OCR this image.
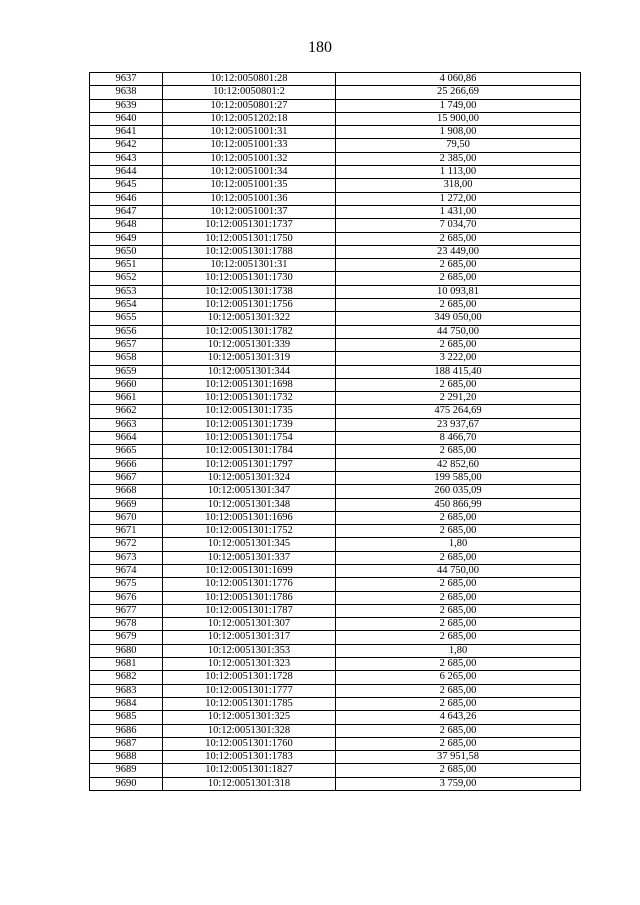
180
9637	10:12:0050801:28	4 060,86
9638	10:12:0050801:2	25 266,69
9639	10:12:0050801:27	1 749,00
9640	10:12:0051202:18	15 900,00
9641	10:12:0051001:31	1 908,00
9642	10:12:0051001:33	79,50
9643	10:12:0051001:32	2 385,00
9644	10:12:0051001:34	1 113,00
9645	10:12:0051001:35	318,00
9646	10:12:0051001:36	1 272,00
9647	10:12:0051001:37	1 431,00
9648	10:12:0051301:1737	7 034,70
9649	10:12:0051301:1750	2 685,00
9650	10:12:0051301:1788	23 449,00
9651	10:12:0051301:31	2 685,00
9652	10:12:0051301:1730	2 685,00
9653	10:12:0051301:1738	10 093,81
9654	10:12:0051301:1756	2 685,00
9655	10:12:0051301:322	349 050,00
9656	10:12:0051301:1782	44 750,00
9657	10:12:0051301:339	2 685,00
9658	10:12:0051301:319	3 222,00
9659	10:12:0051301:344	188 415,40
9660	10:12:0051301:1698	2 685,00
9661	10:12:0051301:1732	2 291,20
9662	10:12:0051301:1735	475 264,69
9663	10:12:0051301:1739	23 937,67
9664	10:12:0051301:1754	8 466,70
9665	10:12:0051301:1784	2 685,00
9666	10:12:0051301:1797	42 852,60
9667	10:12:0051301:324	199 585,00
9668	10:12:0051301:347	260 035,09
9669	10:12:0051301:348	450 866,99
9670	10:12:0051301:1696	2 685,00
9671	10:12:0051301:1752	2 685,00
9672	10:12:0051301:345	1,80
9673	10:12:0051301:337	2 685,00
9674	10:12:0051301:1699	44 750,00
9675	10:12:0051301:1776	2 685,00
9676	10:12:0051301:1786	2 685,00
9677	10:12:0051301:1787	2 685,00
9678	10:12:0051301:307	2 685,00
9679	10:12:0051301:317	2 685,00
9680	10:12:0051301:353	1,80
9681	10:12:0051301:323	2 685,00
9682	10:12:0051301:1728	6 265,00
9683	10:12:0051301:1777	2 685,00
9684	10:12:0051301:1785	2 685,00
9685	10:12:0051301:325	4 643,26
9686	10:12:0051301:328	2 685,00
9687	10:12:0051301:1760	2 685,00
9688	10:12:0051301:1783	37 951,58
9689	10:12:0051301:1827	2 685,00
9690	10:12:0051301:318	3 759,00
